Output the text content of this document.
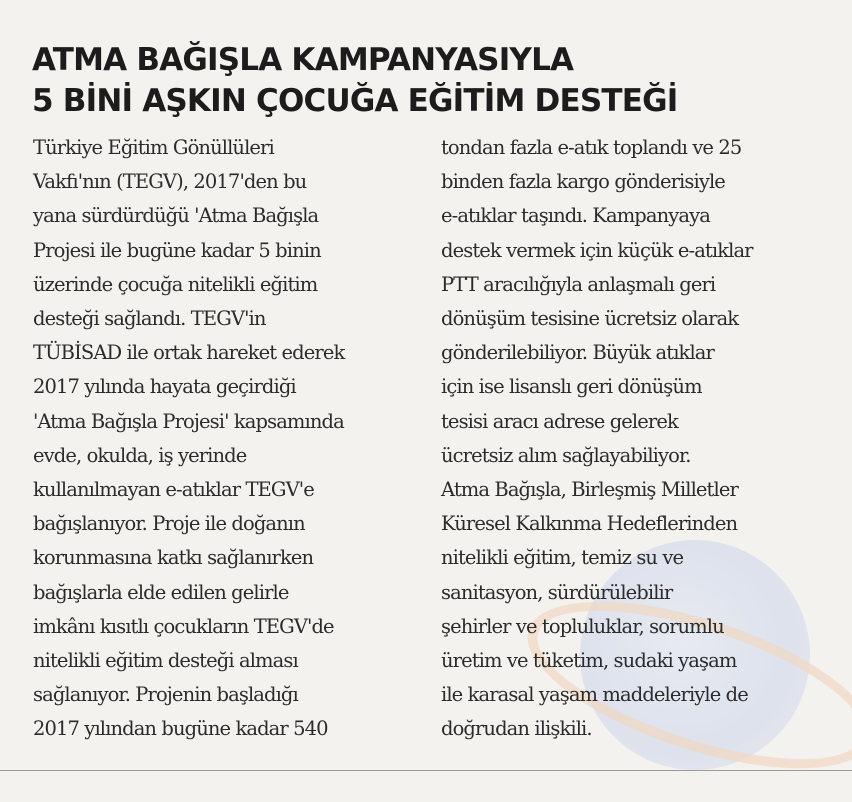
ATMA BAĞIŞLA KAMPANYASIYLA
5 BİNİ AŞKIN ÇOCUĞA EĞİTİM DESTEĞİ
Türkiye Eğitim Gönüllüleri
Vakfı'nın (TEGV), 2017'den bu
yana sürdürdüğü 'Atma Bağışla
Projesi ile bugüne kadar 5 binin
üzerinde çocuğa nitelikli eğitim
desteği sağlandı. TEGV'in
TÜBİSAD ile ortak hareket ederek
2017 yılında hayata geçirdiği
'Atma Bağışla Projesi' kapsamında
evde, okulda, iş yerinde
kullanılmayan e-atıklar TEGV'e
bağışlanıyor. Proje ile doğanın
korunmasına katkı sağlanırken
bağışlarla elde edilen gelirle
imkânı kısıtlı çocukların TEGV'de
nitelikli eğitim desteği alması
sağlanıyor. Projenin başladığı
2017 yılından bugüne kadar 540
tondan fazla e-atık toplandı ve 25
binden fazla kargo gönderisiyle
e-atıklar taşındı. Kampanyaya
destek vermek için küçük e-atıklar
PTT aracılığıyla anlaşmalı geri
dönüşüm tesisine ücretsiz olarak
gönderilebiliyor. Büyük atıklar
için ise lisanslı geri dönüşüm
tesisi aracı adrese gelerek
ücretsiz alım sağlayabiliyor.
Atma Bağışla, Birleşmiş Milletler
Küresel Kalkınma Hedeflerinden
nitelikli eğitim, temiz su ve
sanitasyon, sürdürülebilir
şehirler ve topluluklar, sorumlu
üretim ve tüketim, sudaki yaşam
ile karasal yaşam maddeleriyle de
doğrudan ilişkili.
